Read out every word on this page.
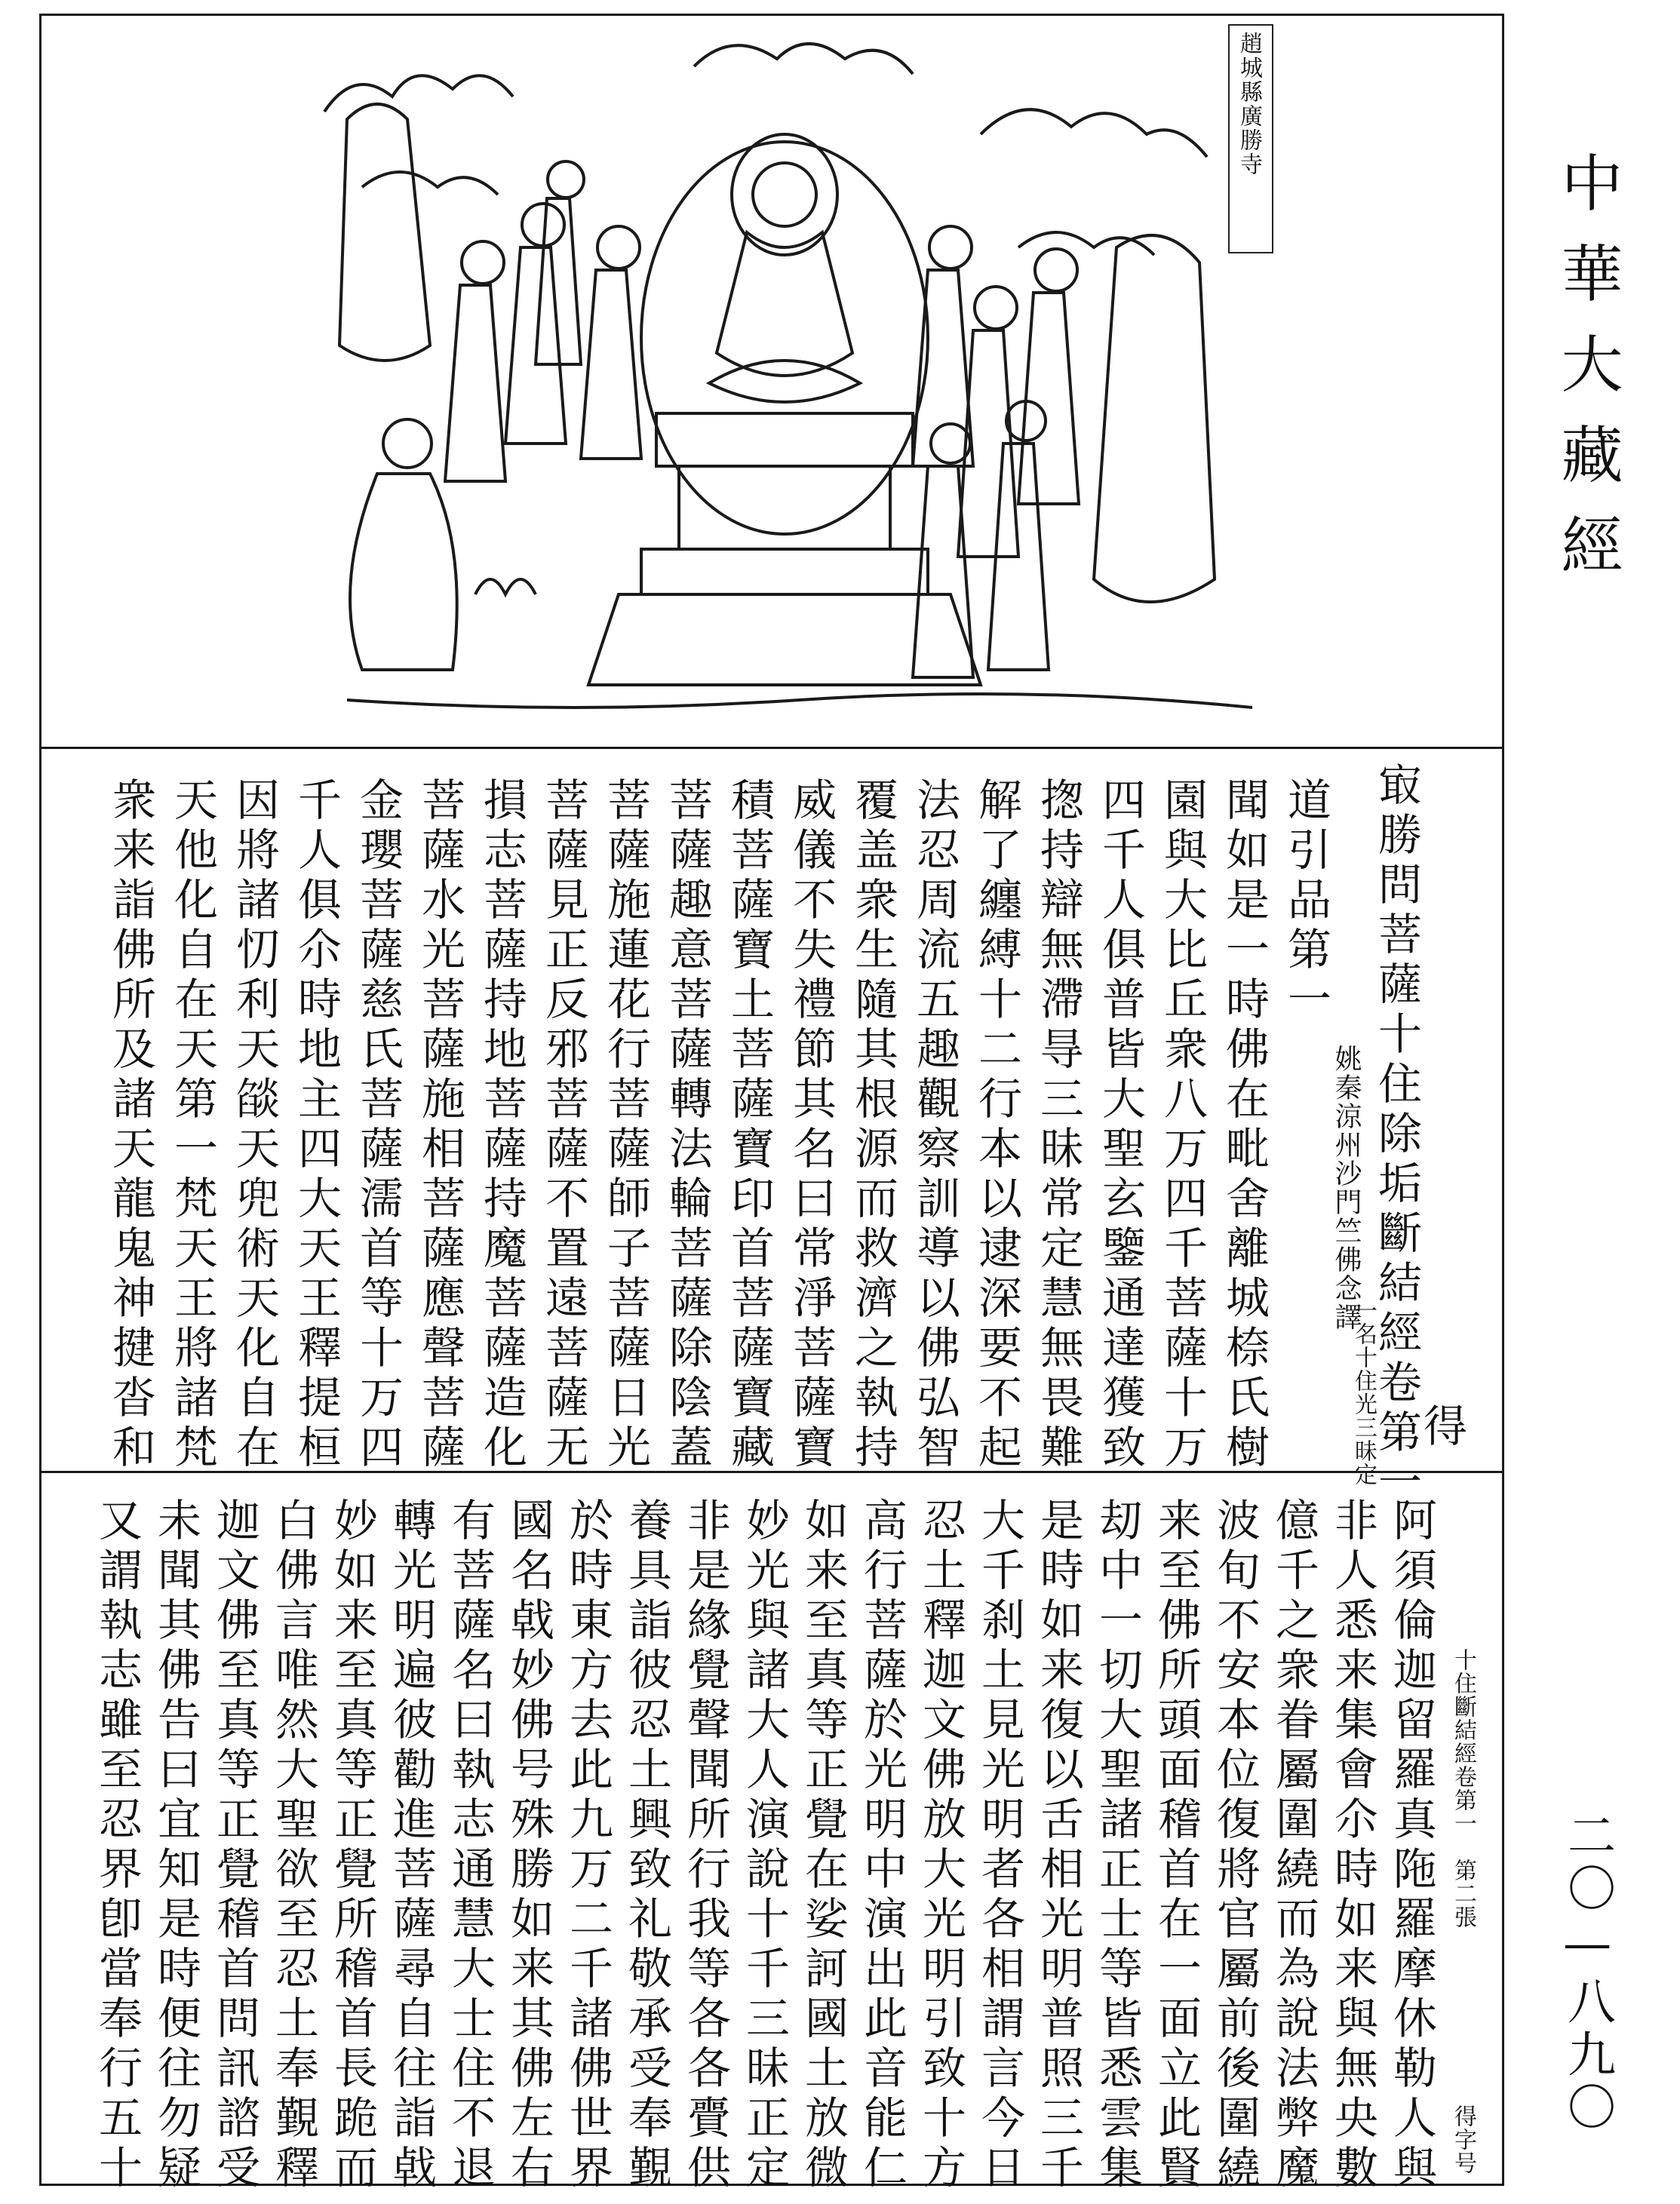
中華大藏經
二〇—八九〇
趙城縣廣勝寺
㝡勝問菩薩十住除垢斷結經卷第一
一名十住光三昧定
姚秦涼州沙門竺佛念譯
得
道引品第一
聞如是一時佛在毗舍離城㮈氏樹
園與大比丘衆八万四千菩薩十万
四千人俱普皆大聖玄鑒通達獲致
揔持辯無滯㝵三昧常定慧無畏難
解了纏縛十二行本以逮深要不起
法忍周流五趣觀察訓導以佛弘智
覆盖衆生隨其根源而救濟之執持
威儀不失禮節其名曰常淨菩薩寶
積菩薩寶土菩薩寶印首菩薩寶藏
菩薩趣意菩薩轉法輪菩薩除陰蓋
菩薩施蓮花行菩薩師子菩薩日光
菩薩見正反邪菩薩不置遠菩薩无
損志菩薩持地菩薩持魔菩薩造化
菩薩水光菩薩施相菩薩應聲菩薩
金瓔菩薩慈氏菩薩濡首等十万四
千人俱尒時地主四大天王釋提桓
因將諸忉利天燄天兜術天化自在
天他化自在天第一梵天王將諸梵
衆来詣佛所及諸天龍鬼神揵沓和
十住斷結經卷第一　第二張
得字号
阿須倫迦留羅真陁羅摩休勒人與
非人悉来集會尒時如来與無央數
億千之衆眷屬圍繞而為說法弊魔
波旬不安本位復將官屬前後圍繞
来至佛所頭面稽首在一面立此賢
刧中一切大聖諸正士等皆悉雲集
是時如来復以舌相光明普照三千
大千刹土見光明者各相謂言今日
忍土釋迦文佛放大光明引致十方
高行菩薩於光明中演出此音能仁
如来至真等正覺在娑訶國土放微
妙光與諸大人演說十千三昧正定
非是緣覺聲聞所行我等各各賷供
養具詣彼忍土興致礼敬承受奉覲
於時東方去此九万二千諸佛世界
國名㦸妙佛号殊勝如来其佛左右
有菩薩名曰執志通慧大士住不退
轉光明遍彼勸進菩薩尋自往詣㦸
妙如来至真等正覺所稽首長跪而
白佛言唯然大聖欲至忍土奉覲釋
迦文佛至真等正覺稽首問訊諮受
未聞其佛告曰宜知是時便往勿疑
又謂執志雖至忍界卽當奉行五十
